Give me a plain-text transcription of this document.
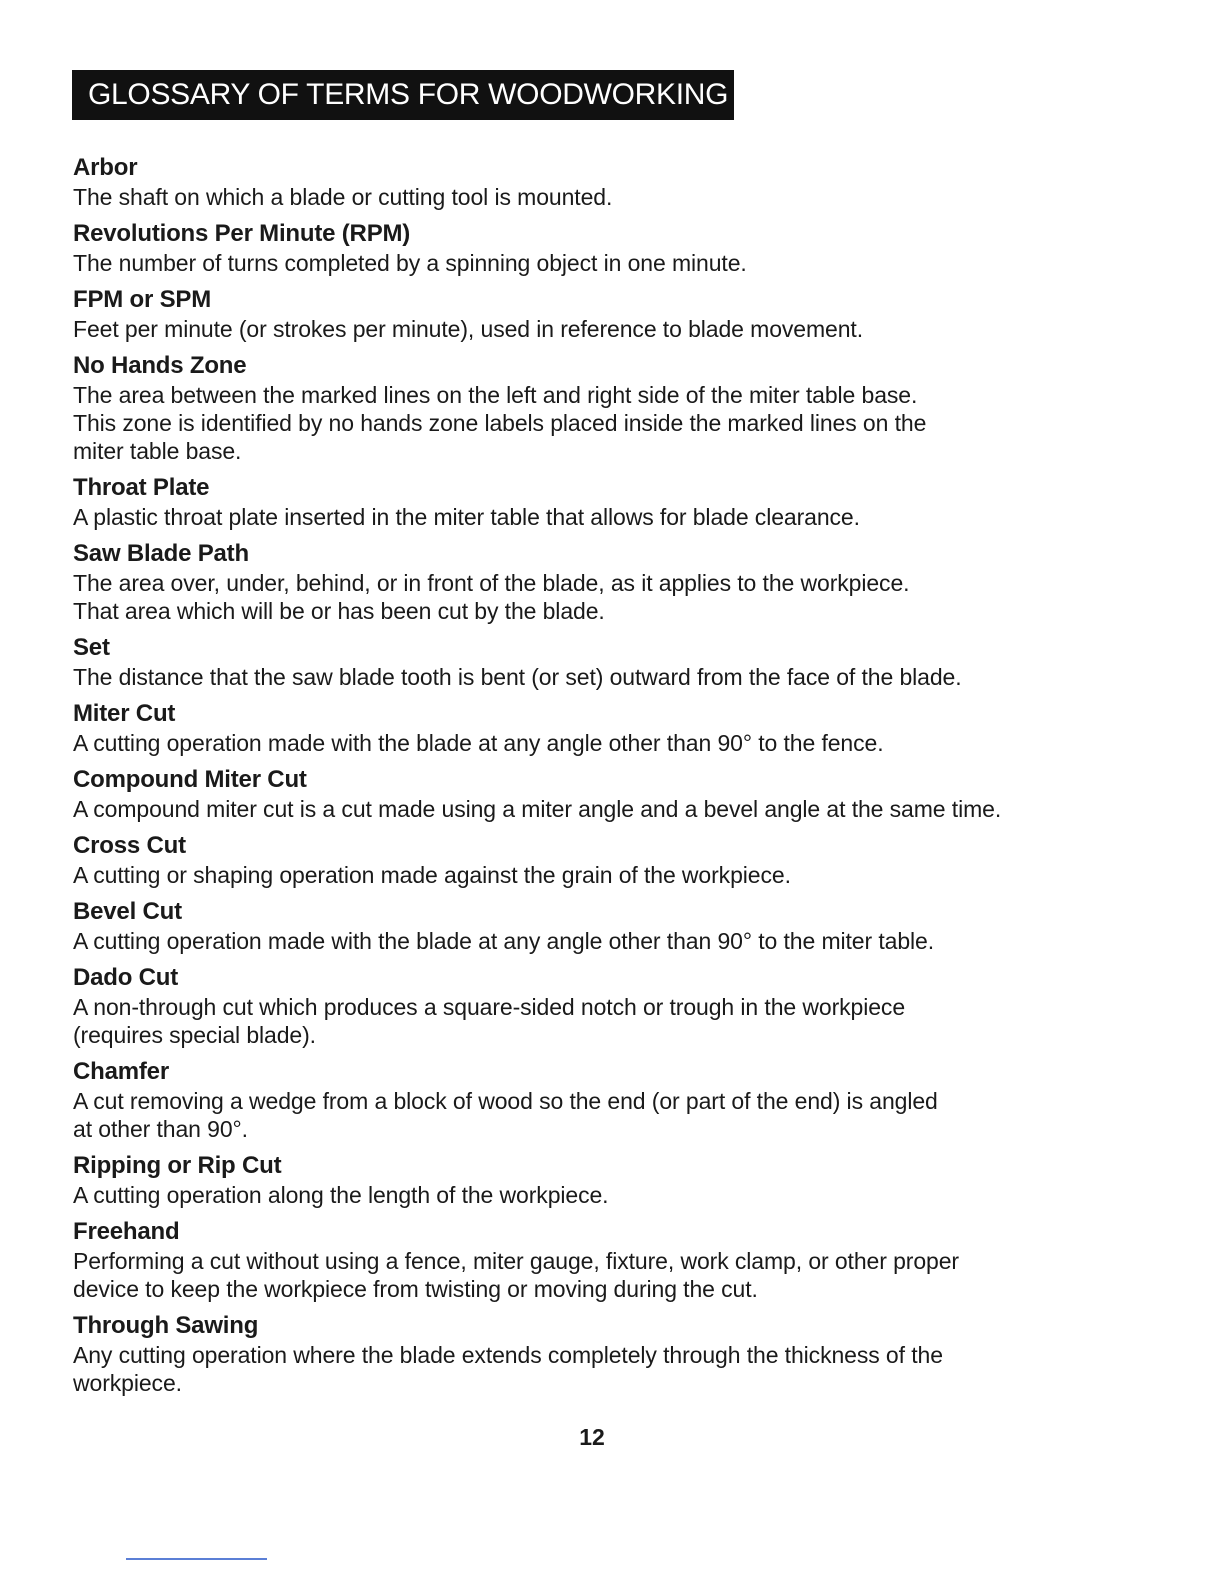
GLOSSARY OF TERMS FOR WOODWORKING

Arbor

The shaft on which a blade or cutting tool is mounted.

Revolutions Per Minute (RPM)

The number of turns completed by a spinning object in one minute.

FPM or SPM

Feet per minute (or strokes per minute), used in reference to blade movement.

No Hands Zone

The area between the marked lines on the left and right side of the miter table base.

This zone is identified by no hands zone labels placed inside the marked lines on the

miter table base.

Throat Plate

A plastic throat plate inserted in the miter table that allows for blade clearance.

Saw Blade Path

The area over, under, behind, or in front of the blade, as it applies to the workpiece.

That area which will be or has been cut by the blade.

Set

The distance that the saw blade tooth is bent (or set) outward from the face of the blade.

Miter Cut

A cutting operation made with the blade at any angle other than 90° to the fence.

Compound Miter Cut

A compound miter cut is a cut made using a miter angle and a bevel angle at the same time.

Cross Cut

A cutting or shaping operation made against the grain of the workpiece.

Bevel Cut

A cutting operation made with the blade at any angle other than 90° to the miter table.

Dado Cut

A non-through cut which produces a square-sided notch or trough in the workpiece

(requires special blade).

Chamfer

A cut removing a wedge from a block of wood so the end (or part of the end) is angled

at other than 90°.

Ripping or Rip Cut

A cutting operation along the length of the workpiece.

Freehand

Performing a cut without using a fence, miter gauge, fixture, work clamp, or other proper

device to keep the workpiece from twisting or moving during the cut.

Through Sawing

Any cutting operation where the blade extends completely through the thickness of the

workpiece.

12
